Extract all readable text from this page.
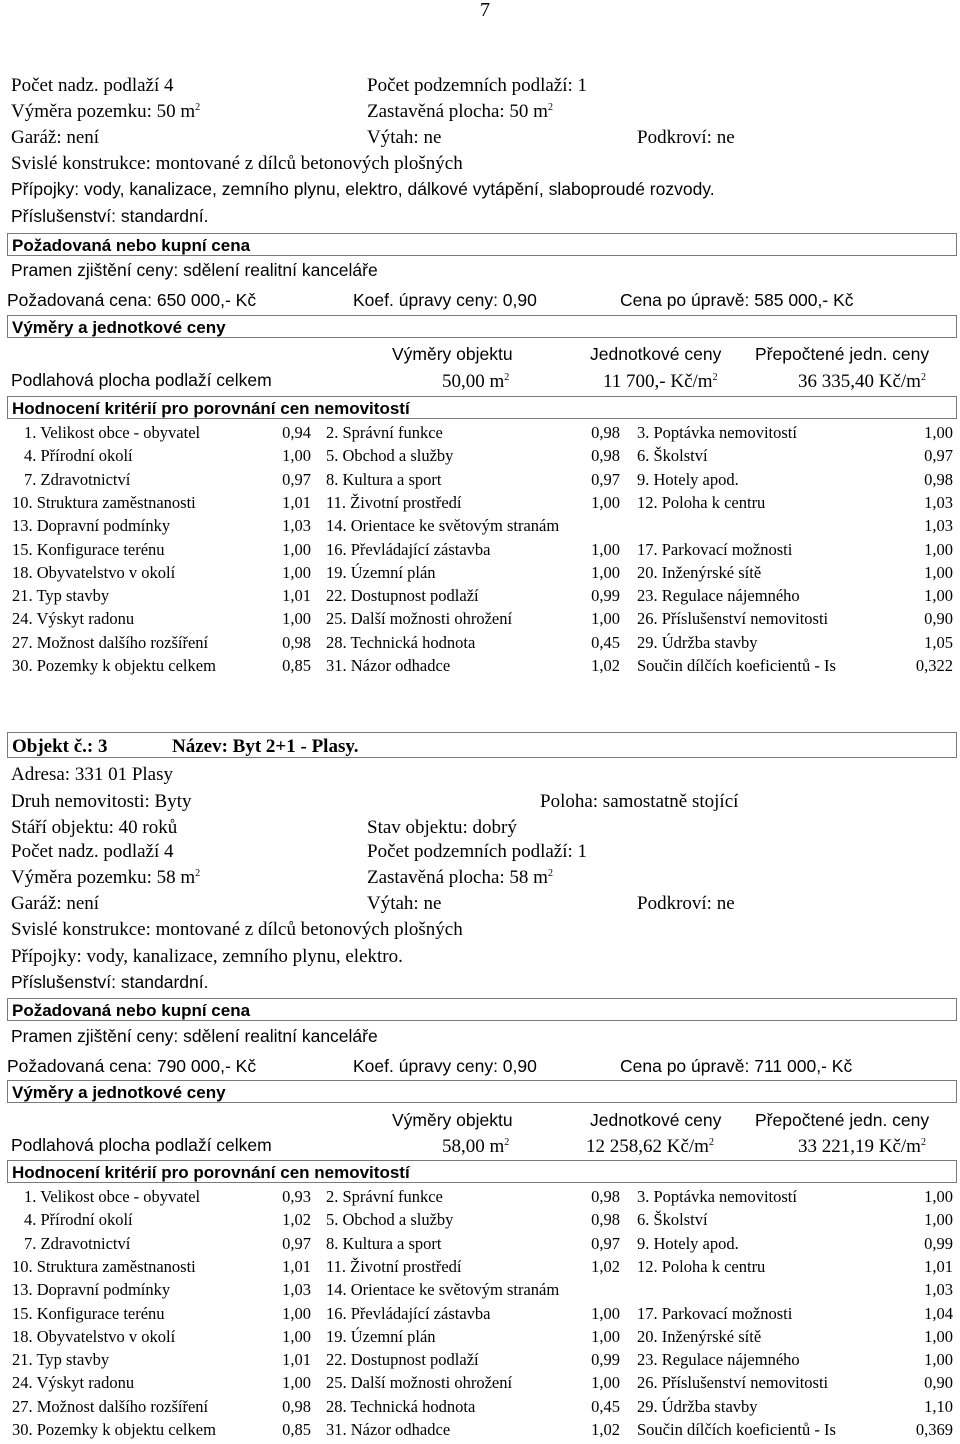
7
Počet nadz. podlaží 4	Počet podzemních podlaží: 1
Výměra pozemku: 50 $m^2$	Zastavěná plocha: 50 $m^2$
Garáž: není	Výtah: ne	Podkroví: ne
Svislé konstrukce: montované z dílců betonových plošných
Přípojky: vody, kanalizace, zemního plynu, elektro, dálkové vytápění, slaboproudé rozvody.
Příslušenství: standardní.
Požadovaná nebo kupní cena
Pramen zjištění ceny: sdělení realitní kanceláře
Požadovaná cena: 650 000,- Kč	Koef. úpravy ceny: 0,90	Cena po úpravě: 585 000,- Kč
Výměry a jednotkové ceny
Výměry objektu	Jednotkové ceny Přepočtené jedn. ceny
Podlahová plocha podlaží celkem	50,00 $m^2$	11 700,- $Kč/m^2$	36 335,40 $Kč/m^2$
Hodnocení kritérií pro porovnání cen nemovitostí
1. Velikost obce - obyvatel	0,94 2. Správní funkce	0,98 3. Poptávka nemovitostí	1,00
4. Přírodní okolí	1,00 5. Obchod a služby	0,98 6. Školství	0,97
7. Zdravotnictví	0,97 8. Kultura a sport	0,97 9. Hotely apod.	0,98
10. Struktura zaměstnanosti	1,01 11. Životní prostředí	1,00 12. Poloha k centru	1,03
13. Dopravní podmínky	1,03 14. Orientace ke světovým stranám	1,03
15. Konfigurace terénu	1,00 16. Převládající zástavba	1,00 17. Parkovací možnosti	1,00
18. Obyvatelstvo v okolí	1,00 19. Územní plán	1,00 20. Inženýrské sítě	1,00
21. Typ stavby	1,01 22. Dostupnost podlaží	0,99 23. Regulace nájemného	1,00
24. Výskyt radonu	1,00 25. Další možnosti ohrožení	1,00 26. Příslušenství nemovitosti	0,90
27. Možnost dalšího rozšíření	0,98 28. Technická hodnota	0,45 29. Údržba stavby	1,05
30. Pozemky k objektu celkem	0,85 31. Názor odhadce	1,02 Součin dílčích koeficientů - Is	0,322
Objekt č.: 3	Název: Byt 2+1 - Plasy.
Adresa: 331 01 Plasy
Druh nemovitosti: Byty	Poloha: samostatně stojící
Stáří objektu: 40 roků	Stav objektu: dobrý
Počet nadz. podlaží 4	Počet podzemních podlaží: 1
Výměra pozemku: 58 $m^2$	Zastavěná plocha: 58 $m^2$
Garáž: není	Výtah: ne	Podkroví: ne
Svislé konstrukce: montované z dílců betonových plošných
Přípojky: vody, kanalizace, zemního plynu, elektro.
Příslušenství: standardní.
Požadovaná nebo kupní cena
Pramen zjištění ceny: sdělení realitní kanceláře
Požadovaná cena: 790 000,- Kč	Koef. úpravy ceny: 0,90	Cena po úpravě: 711 000,- Kč
Výměry a jednotkové ceny
Výměry objektu	Jednotkové ceny Přepočtené jedn. ceny
Podlahová plocha podlaží celkem	58,00 $m^2$	12 258,62 $Kč/m^2$	33 221,19 $Kč/m^2$
Hodnocení kritérií pro porovnání cen nemovitostí
1. Velikost obce - obyvatel	0,93 2. Správní funkce	0,98 3. Poptávka nemovitostí	1,00
4. Přírodní okolí	1,02 5. Obchod a služby	0,98 6. Školství	1,00
7. Zdravotnictví	0,97 8. Kultura a sport	0,97 9. Hotely apod.	0,99
10. Struktura zaměstnanosti	1,01 11. Životní prostředí	1,02 12. Poloha k centru	1,01
13. Dopravní podmínky	1,03 14. Orientace ke světovým stranám	1,03
15. Konfigurace terénu	1,00 16. Převládající zástavba	1,00 17. Parkovací možnosti	1,04
18. Obyvatelstvo v okolí	1,00 19. Územní plán	1,00 20. Inženýrské sítě	1,00
21. Typ stavby	1,01 22. Dostupnost podlaží	0,99 23. Regulace nájemného	1,00
24. Výskyt radonu	1,00 25. Další možnosti ohrožení	1,00 26. Příslušenství nemovitosti	0,90
27. Možnost dalšího rozšíření	0,98 28. Technická hodnota	0,45 29. Údržba stavby	1,10
30. Pozemky k objektu celkem	0,85 31. Názor odhadce	1,02 Součin dílčích koeficientů - Is	0,369
